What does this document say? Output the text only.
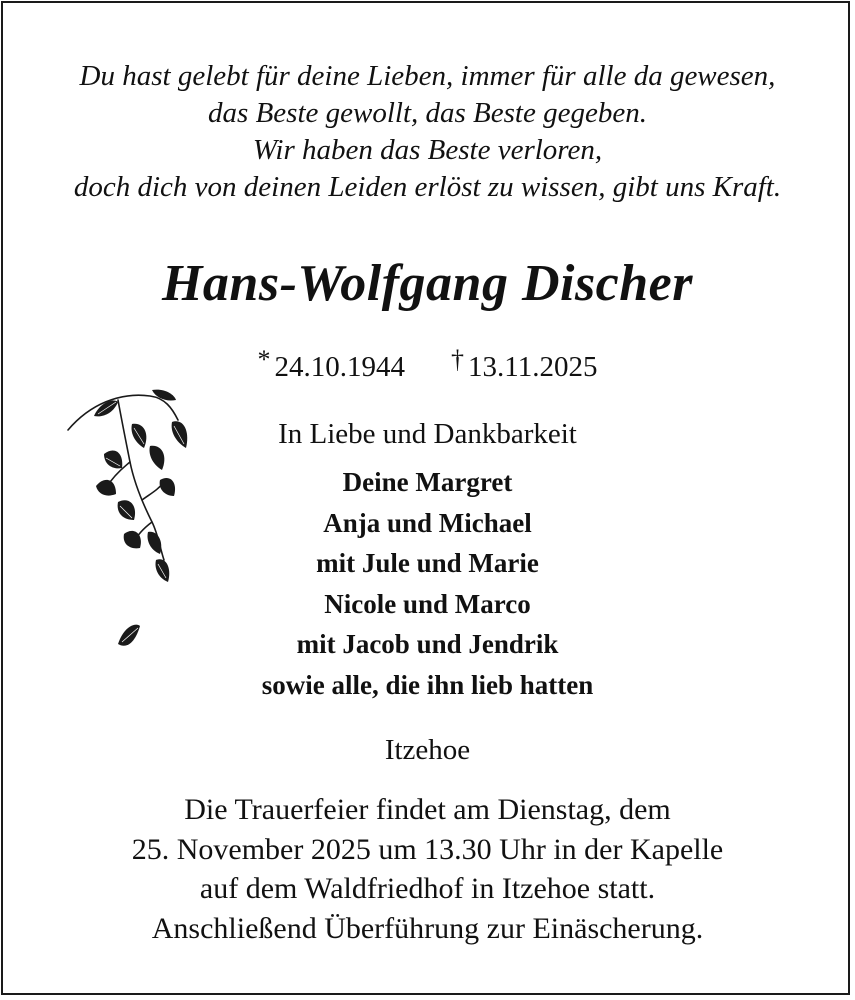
Du hast gelebt für deine Lieben, immer für alle da gewesen,
das Beste gewollt, das Beste gegeben.
Wir haben das Beste verloren,
doch dich von deinen Leiden erlöst zu wissen, gibt uns Kraft.
Hans-Wolfgang Discher
* 24.10.1944 † 13.11.2025
In Liebe und Dankbarkeit
Deine Margret
Anja und Michael
mit Jule und Marie
Nicole und Marco
mit Jacob und Jendrik
sowie alle, die ihn lieb hatten
Itzehoe
Die Trauerfeier findet am Dienstag, dem
25. November 2025 um 13.30 Uhr in der Kapelle
auf dem Waldfriedhof in Itzehoe statt.
Anschließend Überführung zur Einäscherung.
